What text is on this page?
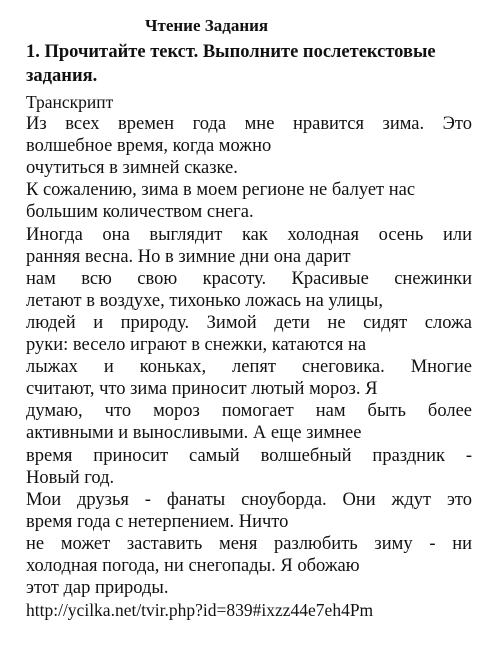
Чтение Задания
1. Прочитайте текст. Выполните послетекстовые
задания.
Транскрипт
Из всех времен года мне нравится зима. Это
волшебное время, когда можно
очутиться в зимней сказке.
К сожалению, зима в моем регионе не балует нас
большим количеством снега.
Иногда она выглядит как холодная осень или
ранняя весна. Но в зимние дни она дарит
нам всю свою красоту. Красивые снежинки
летают в воздухе, тихонько ложась на улицы,
людей и природу. Зимой дети не сидят сложа
руки: весело играют в снежки, катаются на
лыжах и коньках, лепят снеговика. Многие
считают, что зима приносит лютый мороз. Я
думаю, что мороз помогает нам быть более
активными и выносливыми. А еще зимнее
время приносит самый волшебный праздник -
Новый год.
Мои друзья - фанаты сноуборда. Они ждут это
время года с нетерпением. Ничто
не может заставить меня разлюбить зиму - ни
холодная погода, ни снегопады. Я обожаю
этот дар природы.
http://ycilka.net/tvir.php?id=839#ixzz44e7eh4Pm
